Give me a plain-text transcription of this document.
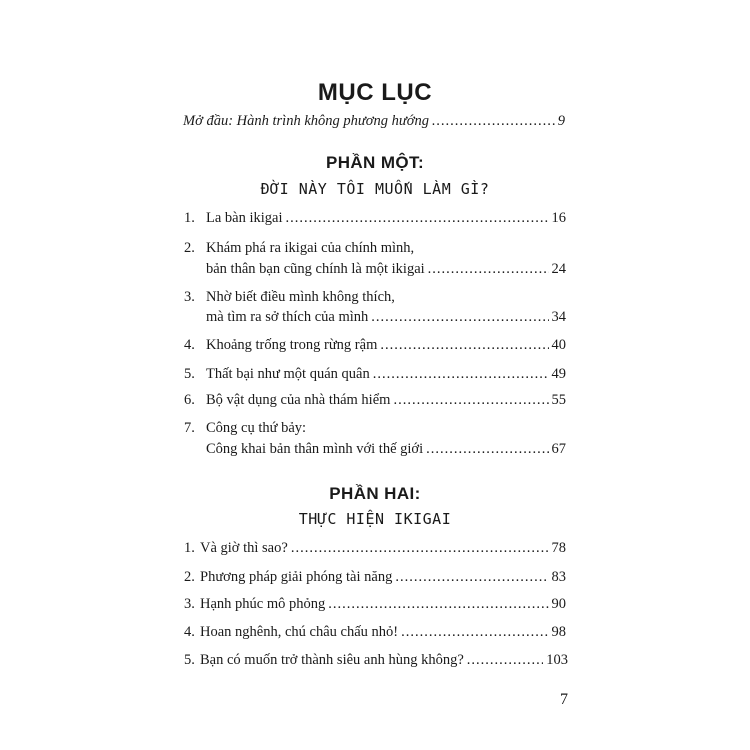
MỤC LỤC
Mở đầu: Hành trình không phương hướng .....	9
PHẦN MỘT:
ĐỜI NÀY TÔI MUỐN LÀM GÌ?
1. La bàn ikigai .....	16
2. Khám phá ra ikigai của chính mình,
bản thân bạn cũng chính là một ikigai .....	24
3. Nhờ biết điều mình không thích,
mà tìm ra sở thích của mình .....	34
4. Khoảng trống trong rừng rậm .....	40
5. Thất bại như một quán quân .....	49
6. Bộ vật dụng của nhà thám hiểm .....	55
7. Công cụ thứ bảy:
Công khai bản thân mình với thế giới .....	67
PHẦN HAI:
THỰC HIỆN IKIGAI
1. Và giờ thì sao? .....	78
2. Phương pháp giải phóng tài năng .....	83
3. Hạnh phúc mô phỏng .....	90
4. Hoan nghênh, chú châu chấu nhỏ! .....	98
5. Bạn có muốn trở thành siêu anh hùng không? .....	103
7
